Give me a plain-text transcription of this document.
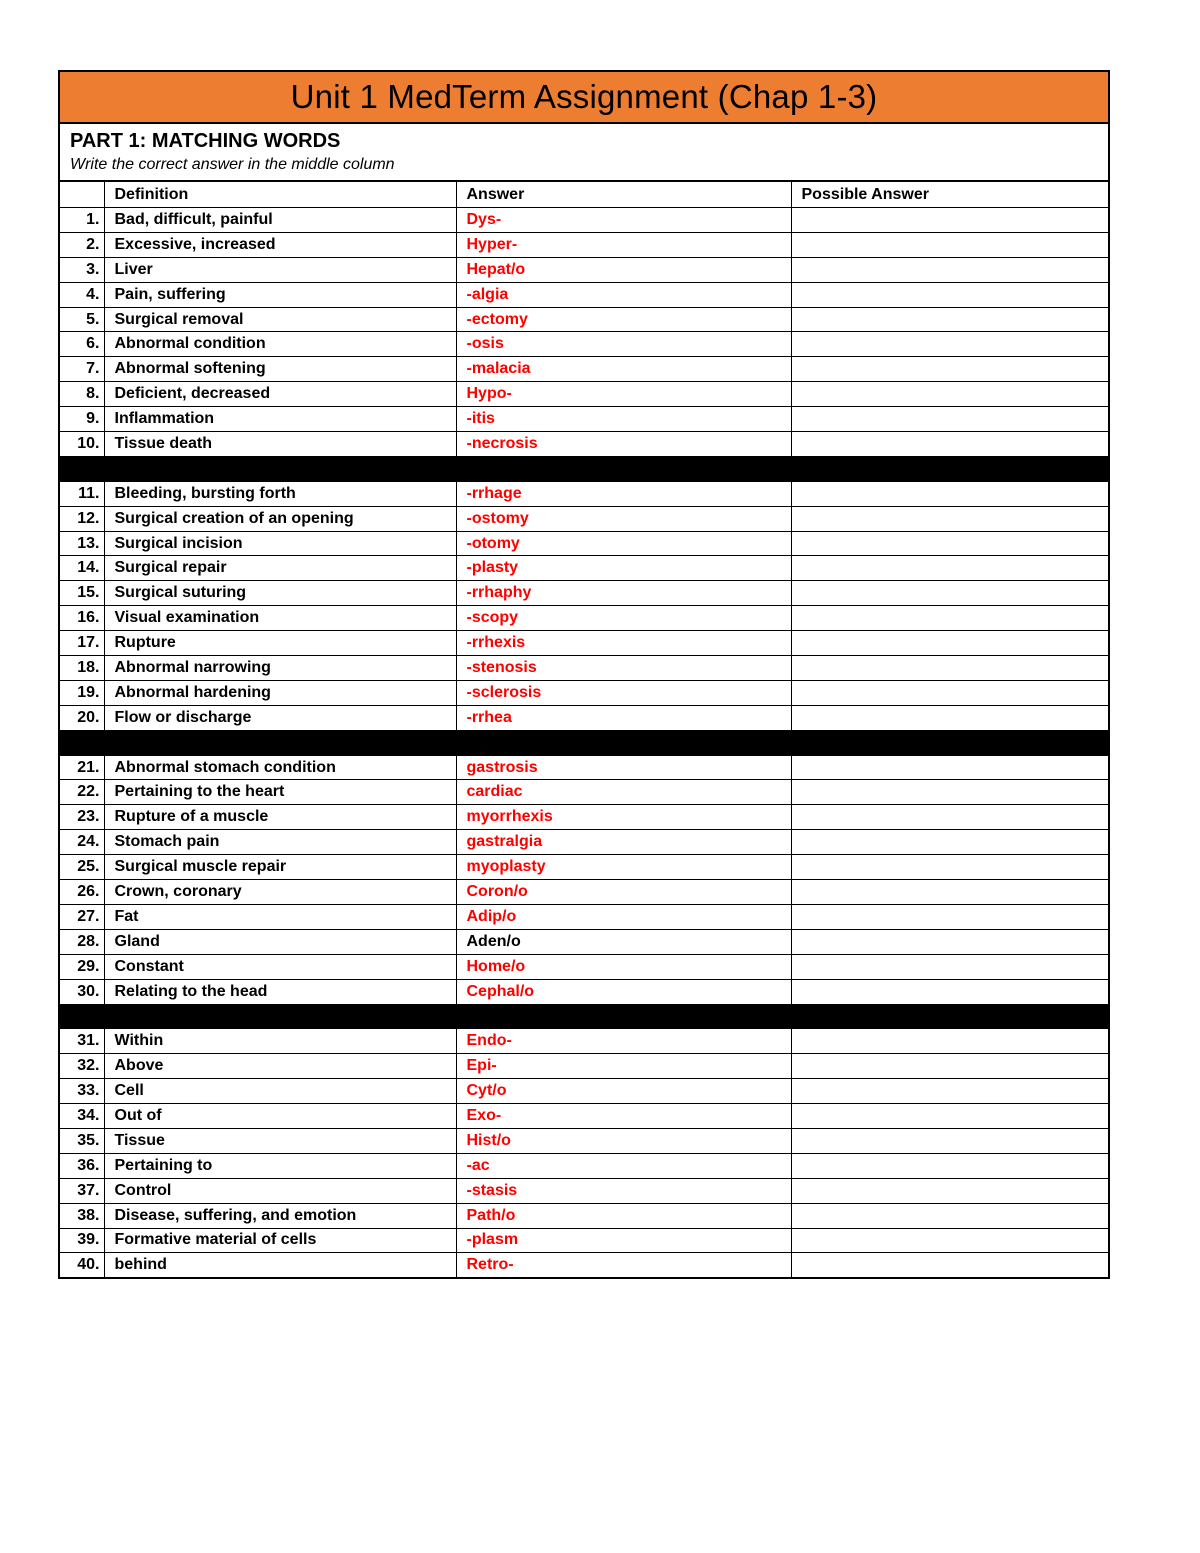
Unit 1 MedTerm Assignment (Chap 1-3)
PART 1: MATCHING WORDS
Write the correct answer in the middle column
	Definition	Answer	Possible Answer
1.	Bad, difficult, painful	Dys-	
2.	Excessive, increased	Hyper-	
3.	Liver	Hepat/o	
4.	Pain, suffering	-algia	
5.	Surgical removal	-ectomy	
6.	Abnormal condition	-osis	
7.	Abnormal softening	-malacia	
8.	Deficient, decreased	Hypo-	
9.	Inflammation	-itis	
10.	Tissue death	-necrosis	

11.	Bleeding, bursting forth	-rrhage	
12.	Surgical creation of an opening	-ostomy	
13.	Surgical incision	-otomy	
14.	Surgical repair	-plasty	
15.	Surgical suturing	-rrhaphy	
16.	Visual examination	-scopy	
17.	Rupture	-rrhexis	
18.	Abnormal narrowing	-stenosis	
19.	Abnormal hardening	-sclerosis	
20.	Flow or discharge	-rrhea	

21.	Abnormal stomach condition	gastrosis	
22.	Pertaining to the heart	cardiac	
23.	Rupture of a muscle	myorrhexis	
24.	Stomach pain	gastralgia	
25.	Surgical muscle repair	myoplasty	
26.	Crown, coronary	Coron/o	
27.	Fat	Adip/o	
28.	Gland	Aden/o	
29.	Constant	Home/o	
30.	Relating to the head	Cephal/o	

31.	Within	Endo-	
32.	Above	Epi-	
33.	Cell	Cyt/o	
34.	Out of	Exo-	
35.	Tissue	Hist/o	
36.	Pertaining to	-ac	
37.	Control	-stasis	
38.	Disease, suffering, and emotion	Path/o	
39.	Formative material of cells	-plasm	
40.	behind	Retro-	
